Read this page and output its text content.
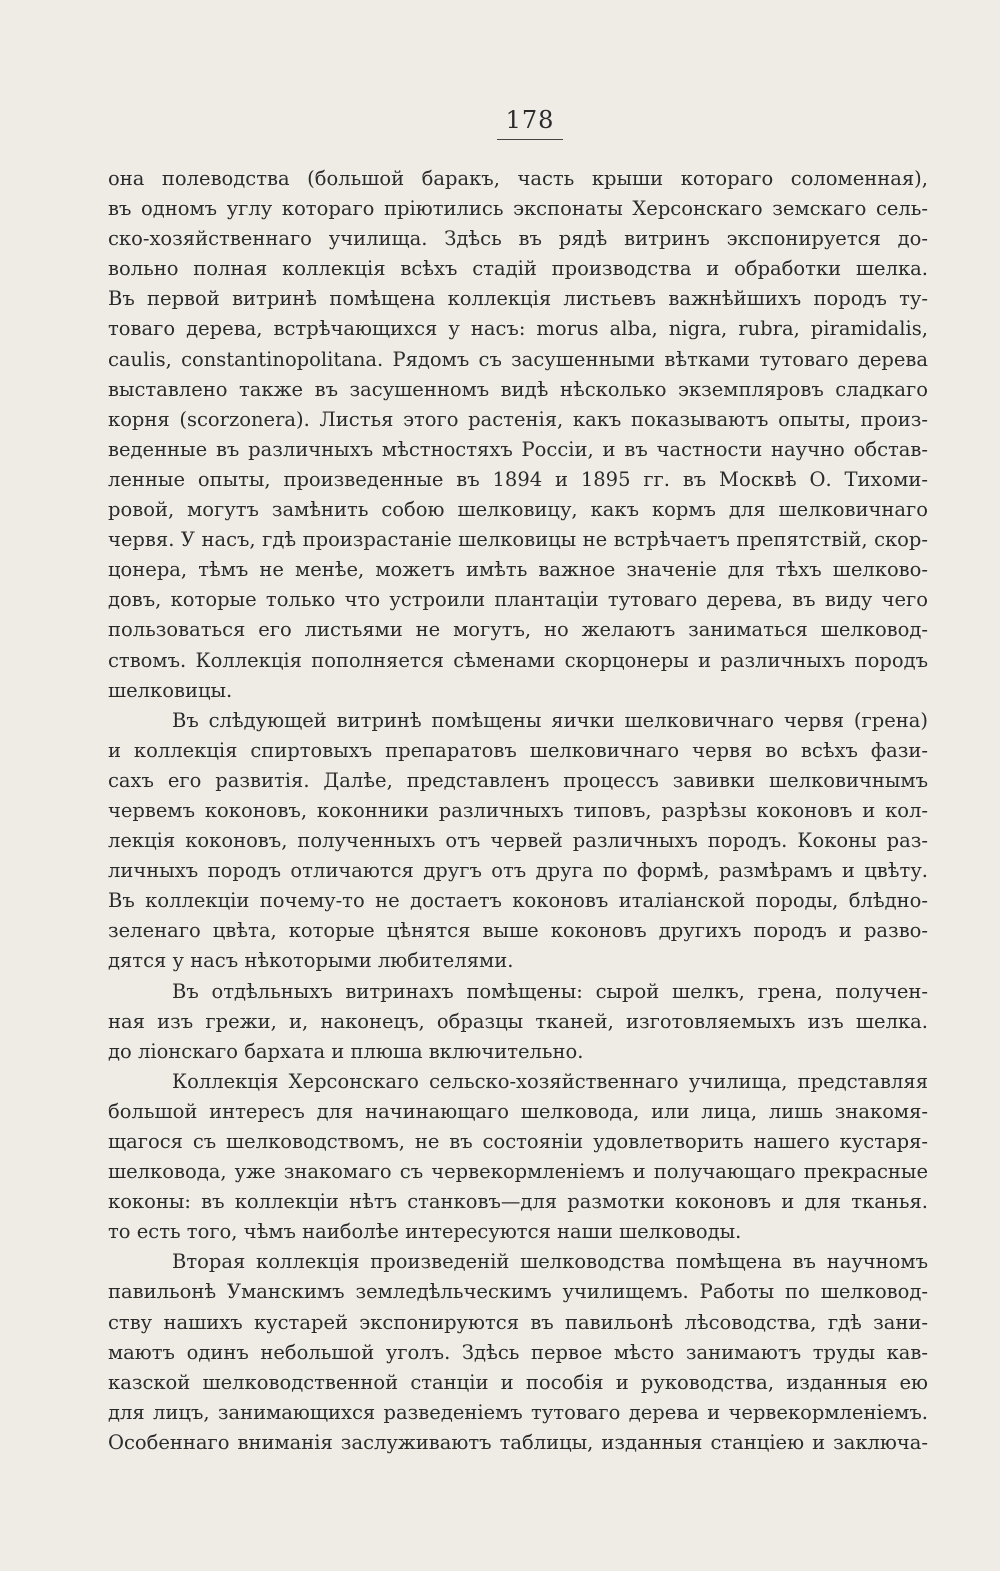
178
она полеводства (большой баракъ, часть крыши котораго соломенная),
въ одномъ углу котораго пріютились экспонаты Херсонскаго земскаго сель-
ско-хозяйственнаго училища. Здѣсь въ рядѣ витринъ экспонируется до-
вольно полная коллекція всѣхъ стадій производства и обработки шелка.
Въ первой витринѣ помѣщена коллекція листьевъ важнѣйшихъ породъ ту-
товаго дерева, встрѣчающихся у насъ: morus alba, nigra, rubra, piramidalis,
caulis, constantinopolitana. Рядомъ съ засушенными вѣтками тутоваго дерева
выставлено также въ засушенномъ видѣ нѣсколько экземпляровъ сладкаго
корня (scorzonera). Листья этого растенія, какъ показываютъ опыты, произ-
веденные въ различныхъ мѣстностяхъ Россіи, и въ частности научно обстав-
ленные опыты, произведенные въ 1894 и 1895 гг. въ Москвѣ О. Тихоми-
ровой, могутъ замѣнить собою шелковицу, какъ кормъ для шелковичнаго
червя. У насъ, гдѣ произрастаніе шелковицы не встрѣчаетъ препятствій, скор-
цонера, тѣмъ не менѣе, можетъ имѣть важное значеніе для тѣхъ шелково-
довъ, которые только что устроили плантаціи тутоваго дерева, въ виду чего
пользоваться его листьями не могутъ, но желаютъ заниматься шелковод-
ствомъ. Коллекція пополняется сѣменами скорцонеры и различныхъ породъ
шелковицы.
Въ слѣдующей витринѣ помѣщены яички шелковичнаго червя (грена)
и коллекція спиртовыхъ препаратовъ шелковичнаго червя во всѣхъ фази-
сахъ его развитія. Далѣе, представленъ процессъ завивки шелковичнымъ
червемъ коконовъ, коконники различныхъ типовъ, разрѣзы коконовъ и кол-
лекція коконовъ, полученныхъ отъ червей различныхъ породъ. Коконы раз-
личныхъ породъ отличаются другъ отъ друга по формѣ, размѣрамъ и цвѣту.
Въ коллекціи почему-то не достаетъ коконовъ италіанской породы, блѣдно-
зеленаго цвѣта, которые цѣнятся выше коконовъ другихъ породъ и разво-
дятся у насъ нѣкоторыми любителями.
Въ отдѣльныхъ витринахъ помѣщены: сырой шелкъ, грена, получен-
ная изъ грежи, и, наконецъ, образцы тканей, изготовляемыхъ изъ шелка.
до ліонскаго бархата и плюша включительно.
Коллекція Херсонскаго сельско-хозяйственнаго училища, представляя
большой интересъ для начинающаго шелковода, или лица, лишь знакомя-
щагося съ шелководствомъ, не въ состояніи удовлетворить нашего кустаря-
шелковода, уже знакомаго съ червекормленіемъ и получающаго прекрасные
коконы: въ коллекціи нѣтъ станковъ—для размотки коконовъ и для тканья.
то есть того, чѣмъ наиболѣе интересуются наши шелководы.
Вторая коллекція произведеній шелководства помѣщена въ научномъ
павильонѣ Уманскимъ земледѣльческимъ училищемъ. Работы по шелковод-
ству нашихъ кустарей экспонируются въ павильонѣ лѣсоводства, гдѣ зани-
маютъ одинъ небольшой уголъ. Здѣсь первое мѣсто занимаютъ труды кав-
казской шелководственной станціи и пособія и руководства, изданныя ею
для лицъ, занимающихся разведеніемъ тутоваго дерева и червекормленіемъ.
Особеннаго вниманія заслуживаютъ таблицы, изданныя станціею и заключа-
